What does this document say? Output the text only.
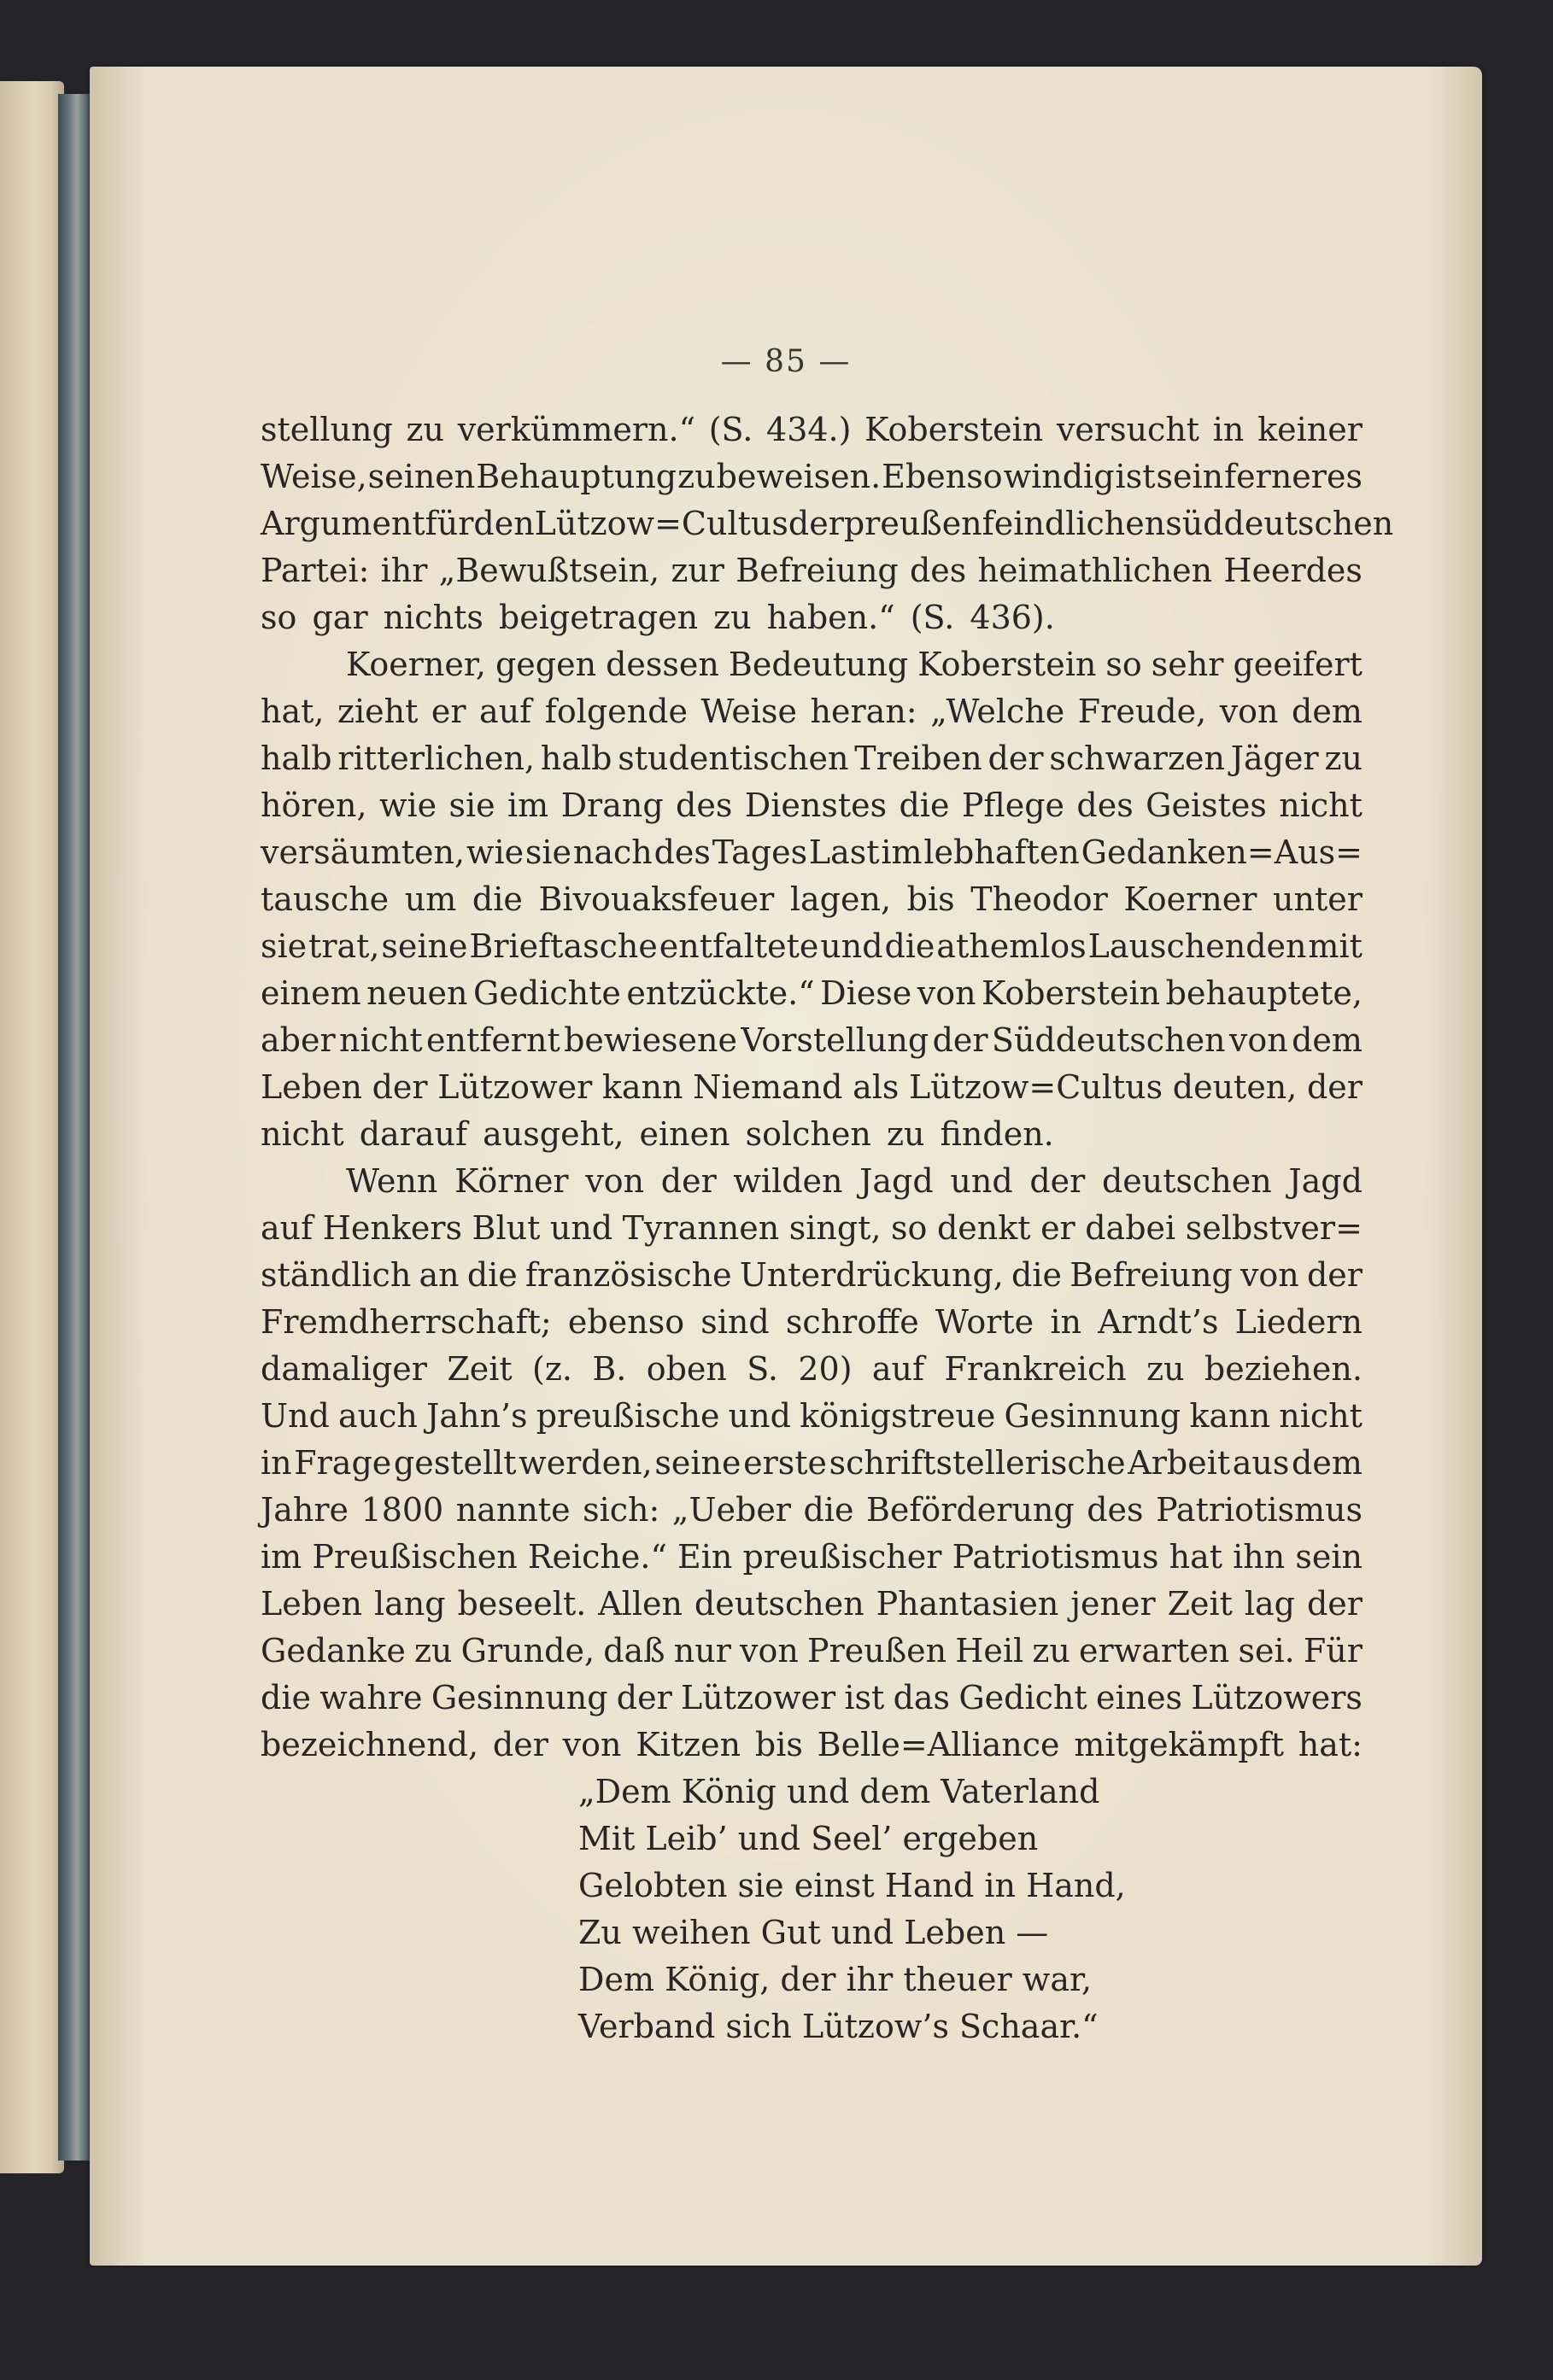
— 85 —
stellung zu verkümmern.“ (S. 434.) Koberstein versucht in keiner
Weise, seinen Behauptung zu beweisen. Ebenso windig ist sein ferneres
Argument für den Lützow=Cultus der preußenfeindlichen süddeutschen
Partei: ihr „Bewußtsein, zur Befreiung des heimathlichen Heerdes
so gar nichts beigetragen zu haben.“ (S. 436).
Koerner, gegen dessen Bedeutung Koberstein so sehr geeifert
hat, zieht er auf folgende Weise heran: „Welche Freude, von dem
halb ritterlichen, halb studentischen Treiben der schwarzen Jäger zu
hören, wie sie im Drang des Dienstes die Pflege des Geistes nicht
versäumten, wie sie nach des Tages Last im lebhaften Gedanken=Aus=
tausche um die Bivouaksfeuer lagen, bis Theodor Koerner unter
sie trat, seine Brieftasche entfaltete und die athemlos Lauschenden mit
einem neuen Gedichte entzückte.“ Diese von Koberstein behauptete,
aber nicht entfernt bewiesene Vorstellung der Süddeutschen von dem
Leben der Lützower kann Niemand als Lützow=Cultus deuten, der
nicht darauf ausgeht, einen solchen zu finden.
Wenn Körner von der wilden Jagd und der deutschen Jagd
auf Henkers Blut und Tyrannen singt, so denkt er dabei selbstver=
ständlich an die französische Unterdrückung, die Befreiung von der
Fremdherrschaft; ebenso sind schroffe Worte in Arndt’s Liedern
damaliger Zeit (z. B. oben S. 20) auf Frankreich zu beziehen.
Und auch Jahn’s preußische und königstreue Gesinnung kann nicht
in Frage gestellt werden, seine erste schriftstellerische Arbeit aus dem
Jahre 1800 nannte sich: „Ueber die Beförderung des Patriotismus
im Preußischen Reiche.“ Ein preußischer Patriotismus hat ihn sein
Leben lang beseelt. Allen deutschen Phantasien jener Zeit lag der
Gedanke zu Grunde, daß nur von Preußen Heil zu erwarten sei. Für
die wahre Gesinnung der Lützower ist das Gedicht eines Lützowers
bezeichnend, der von Kitzen bis Belle=Alliance mitgekämpft hat:
„Dem König und dem Vaterland
Mit Leib’ und Seel’ ergeben
Gelobten sie einst Hand in Hand,
Zu weihen Gut und Leben —
Dem König, der ihr theuer war,
Verband sich Lützow’s Schaar.“
